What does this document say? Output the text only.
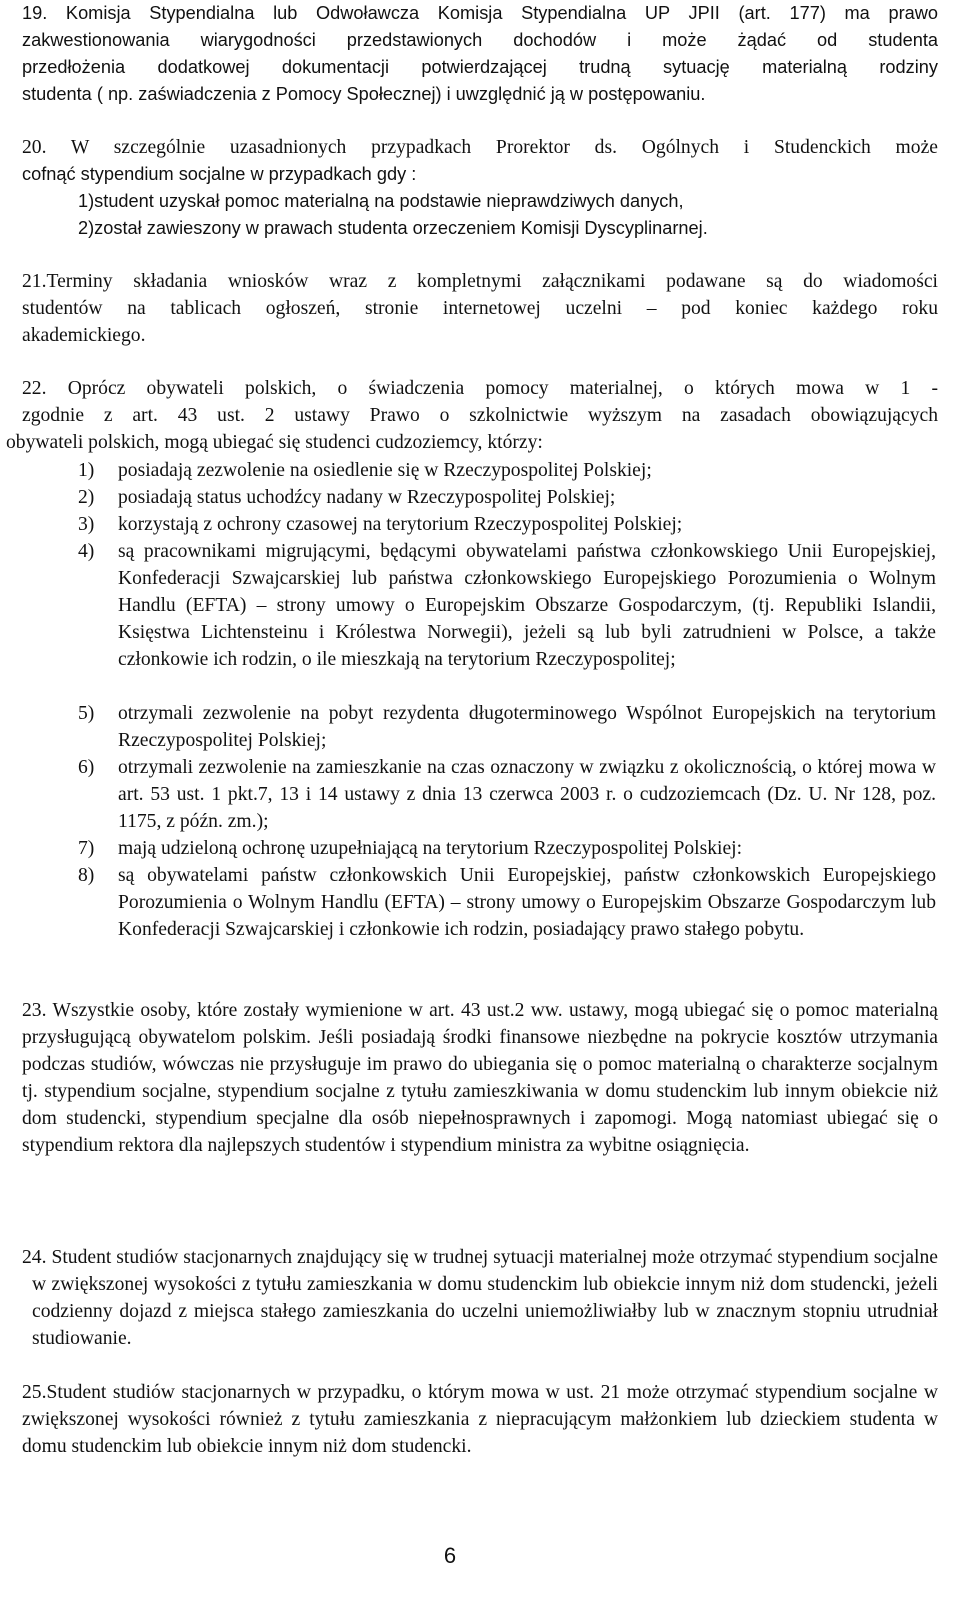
19. Komisja Stypendialna lub Odwoławcza Komisja Stypendialna UP JPII (art. 177) ma prawo
zakwestionowania wiarygodności przedstawionych dochodów i może żądać od studenta
przedłożenia dodatkowej dokumentacji potwierdzającej trudną sytuację materialną rodziny
studenta ( np. zaświadczenia z Pomocy Społecznej) i uwzględnić ją w postępowaniu.
20. W szczególnie uzasadnionych przypadkach Prorektor ds. Ogólnych i Studenckich może
cofnąć stypendium socjalne w przypadkach gdy :
1)student uzyskał pomoc materialną na podstawie nieprawdziwych danych,
2)został zawieszony w prawach studenta orzeczeniem Komisji Dyscyplinarnej.
21.Terminy składania wniosków wraz z kompletnymi załącznikami podawane są do wiadomości
studentów na tablicach ogłoszeń, stronie internetowej uczelni – pod koniec każdego roku
akademickiego.
22. Oprócz obywateli polskich, o świadczenia pomocy materialnej, o których mowa w 1 -
zgodnie z art. 43 ust. 2 ustawy Prawo o szkolnictwie wyższym na zasadach obowiązujących
obywateli polskich, mogą ubiegać się studenci cudzoziemcy, którzy:
1) posiadają zezwolenie na osiedlenie się w Rzeczypospolitej Polskiej;
2) posiadają status uchodźcy nadany w Rzeczypospolitej Polskiej;
3) korzystają z ochrony czasowej na terytorium Rzeczypospolitej Polskiej;
4) są pracownikami migrującymi, będącymi obywatelami państwa członkowskiego Unii Europejskiej, Konfederacji Szwajcarskiej lub państwa członkowskiego Europejskiego Porozumienia o Wolnym Handlu (EFTA) – strony umowy o Europejskim Obszarze Gospodarczym, (tj. Republiki Islandii, Księstwa Lichtensteinu i Królestwa Norwegii), jeżeli są lub byli zatrudnieni w Polsce, a także członkowie ich rodzin, o ile mieszkają na terytorium Rzeczypospolitej;
5) otrzymali zezwolenie na pobyt rezydenta długoterminowego Wspólnot Europejskich na terytorium Rzeczypospolitej Polskiej;
6) otrzymali zezwolenie na zamieszkanie na czas oznaczony w związku z okolicznością, o której mowa w art. 53 ust. 1 pkt.7, 13 i 14 ustawy z dnia 13 czerwca 2003 r. o cudzoziemcach (Dz. U. Nr 128, poz. 1175, z późn. zm.);
7) mają udzieloną ochronę uzupełniającą na terytorium Rzeczypospolitej Polskiej:
8) są obywatelami państw członkowskich Unii Europejskiej, państw członkowskich Europejskiego Porozumienia o Wolnym Handlu (EFTA) – strony umowy o Europejskim Obszarze Gospodarczym lub Konfederacji Szwajcarskiej i członkowie ich rodzin, posiadający prawo stałego pobytu.
23. Wszystkie osoby, które zostały wymienione w art. 43 ust.2 ww. ustawy, mogą ubiegać się o pomoc materialną przysługującą obywatelom polskim. Jeśli posiadają środki finansowe niezbędne na pokrycie kosztów utrzymania podczas studiów, wówczas nie przysługuje im prawo do ubiegania się o pomoc materialną o charakterze socjalnym tj. stypendium socjalne, stypendium socjalne z tytułu zamieszkiwania w domu studenckim lub innym obiekcie niż dom studencki, stypendium specjalne dla osób niepełnosprawnych i zapomogi. Mogą natomiast ubiegać się o stypendium rektora dla najlepszych studentów i stypendium ministra za wybitne osiągnięcia.
24. Student studiów stacjonarnych znajdujący się w trudnej sytuacji materialnej może otrzymać stypendium socjalne w zwiększonej wysokości z tytułu zamieszkania w domu studenckim lub obiekcie innym niż dom studencki, jeżeli codzienny dojazd z miejsca stałego zamieszkania do uczelni uniemożliwiałby lub w znacznym stopniu utrudniał studiowanie.
25.Student studiów stacjonarnych w przypadku, o którym mowa w ust. 21 może otrzymać stypendium socjalne w zwiększonej wysokości również z tytułu zamieszkania z niepracującym małżonkiem lub dzieckiem studenta w domu studenckim lub obiekcie innym niż dom studencki.
6
